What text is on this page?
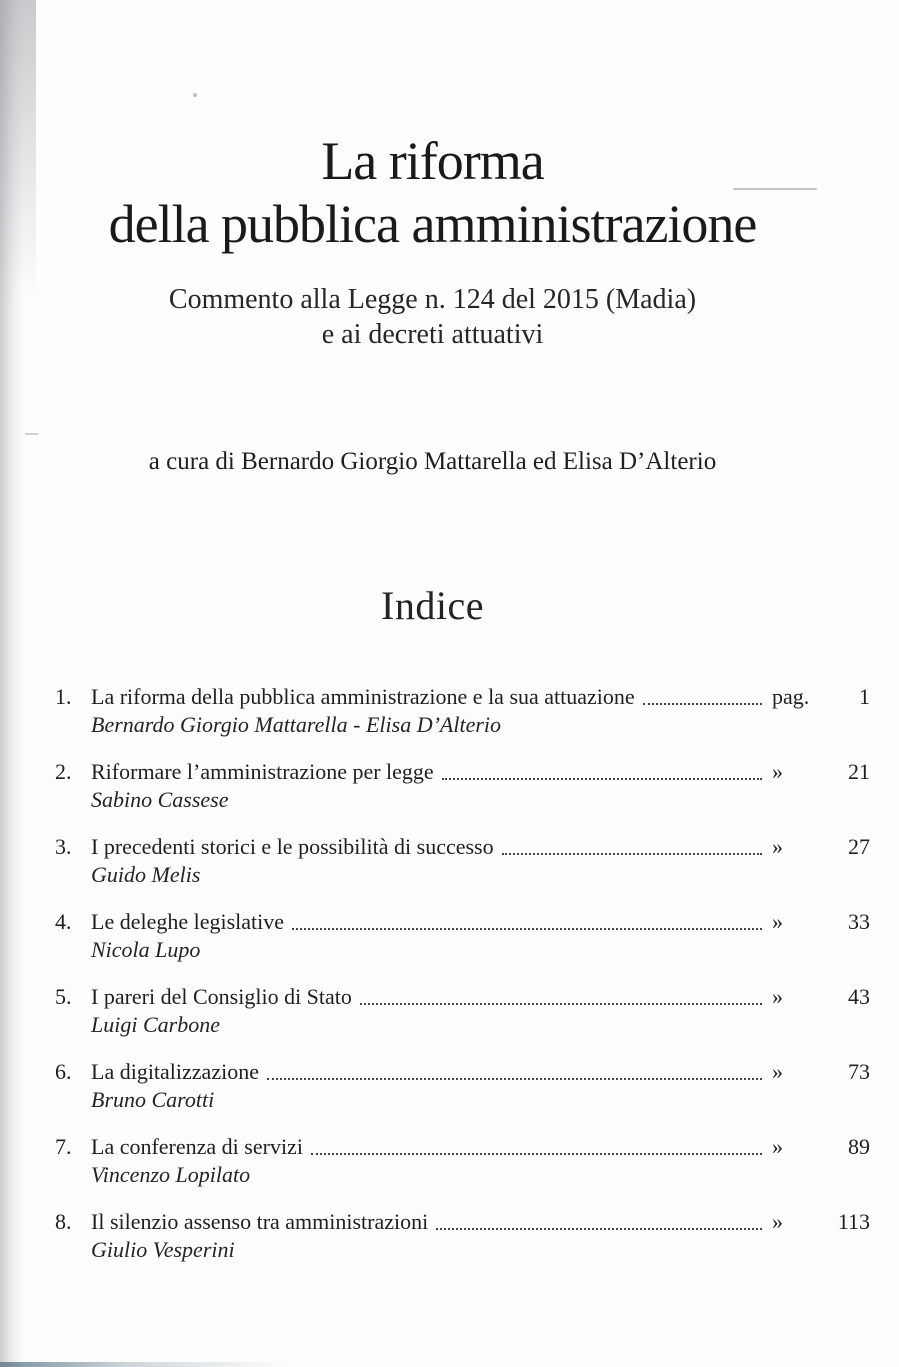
La riforma
della pubblica amministrazione
Commento alla Legge n. 124 del 2015 (Madia)
e ai decreti attuativi
a cura di Bernardo Giorgio Mattarella ed Elisa D’Alterio
Indice
1. La riforma della pubblica amministrazione e la sua attuazione	pag.	1
Bernardo Giorgio Mattarella - Elisa D’Alterio
2. Riformare l’amministrazione per legge	»	21
Sabino Cassese
3. I precedenti storici e le possibilità di successo	»	27
Guido Melis
4. Le deleghe legislative	»	33
Nicola Lupo
5. I pareri del Consiglio di Stato	»	43
Luigi Carbone
6. La digitalizzazione	»	73
Bruno Carotti
7. La conferenza di servizi	»	89
Vincenzo Lopilato
8. Il silenzio assenso tra amministrazioni	»	113
Giulio Vesperini
